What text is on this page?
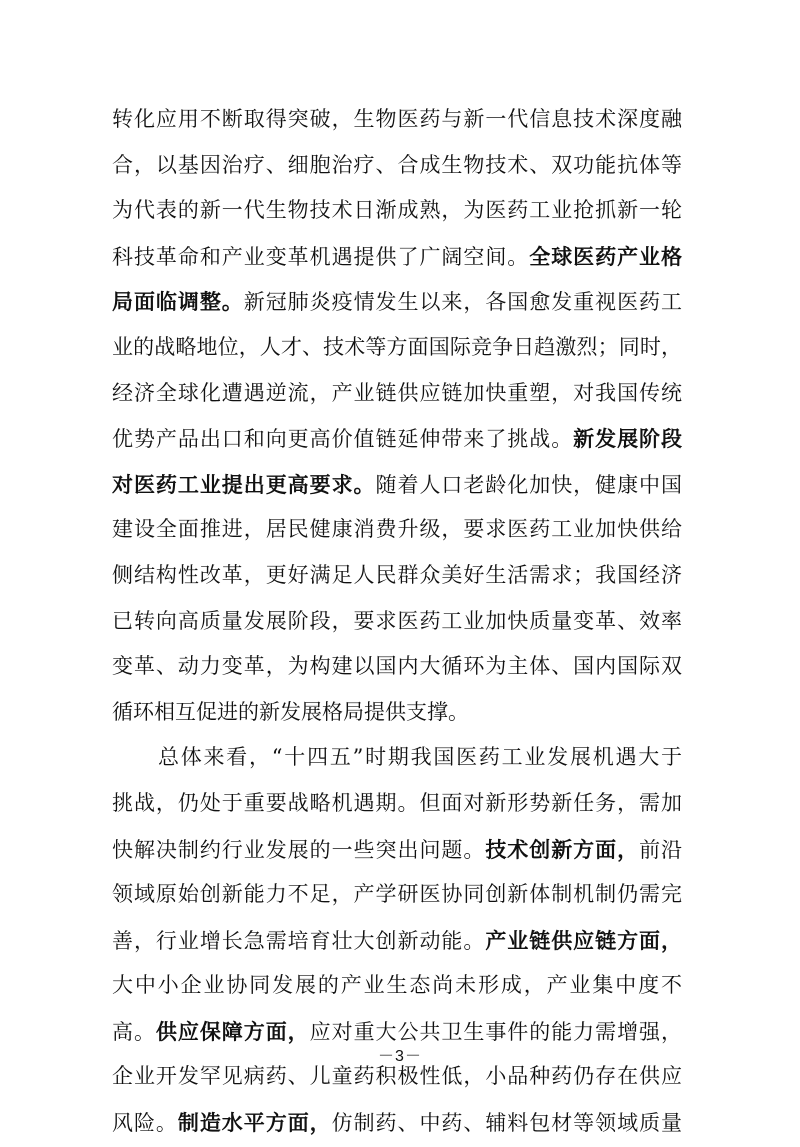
转化应用不断取得突破，生物医药与新一代信息技术深度融
合，以基因治疗、细胞治疗、合成生物技术、双功能抗体等
为代表的新一代生物技术日渐成熟，为医药工业抢抓新一轮
科技革命和产业变革机遇提供了广阔空间。全球医药产业格
局面临调整。新冠肺炎疫情发生以来，各国愈发重视医药工
业的战略地位，人才、技术等方面国际竞争日趋激烈；同时，
经济全球化遭遇逆流，产业链供应链加快重塑，对我国传统
优势产品出口和向更高价值链延伸带来了挑战。新发展阶段
对医药工业提出更高要求。随着人口老龄化加快，健康中国
建设全面推进，居民健康消费升级，要求医药工业加快供给
侧结构性改革，更好满足人民群众美好生活需求；我国经济
已转向高质量发展阶段，要求医药工业加快质量变革、效率
变革、动力变革，为构建以国内大循环为主体、国内国际双
循环相互促进的新发展格局提供支撑。
总体来看，“十四五”时期我国医药工业发展机遇大于
挑战，仍处于重要战略机遇期。但面对新形势新任务，需加
快解决制约行业发展的一些突出问题。技术创新方面，前沿
领域原始创新能力不足，产学研医协同创新体制机制仍需完
善，行业增长急需培育壮大创新动能。产业链供应链方面，
大中小企业协同发展的产业生态尚未形成，产业集中度不
高。供应保障方面，应对重大公共卫生事件的能力需增强，
企业开发罕见病药、儿童药积极性低，小品种药仍存在供应
风险。制造水平方面，仿制药、中药、辅料包材等领域质量
－3－
